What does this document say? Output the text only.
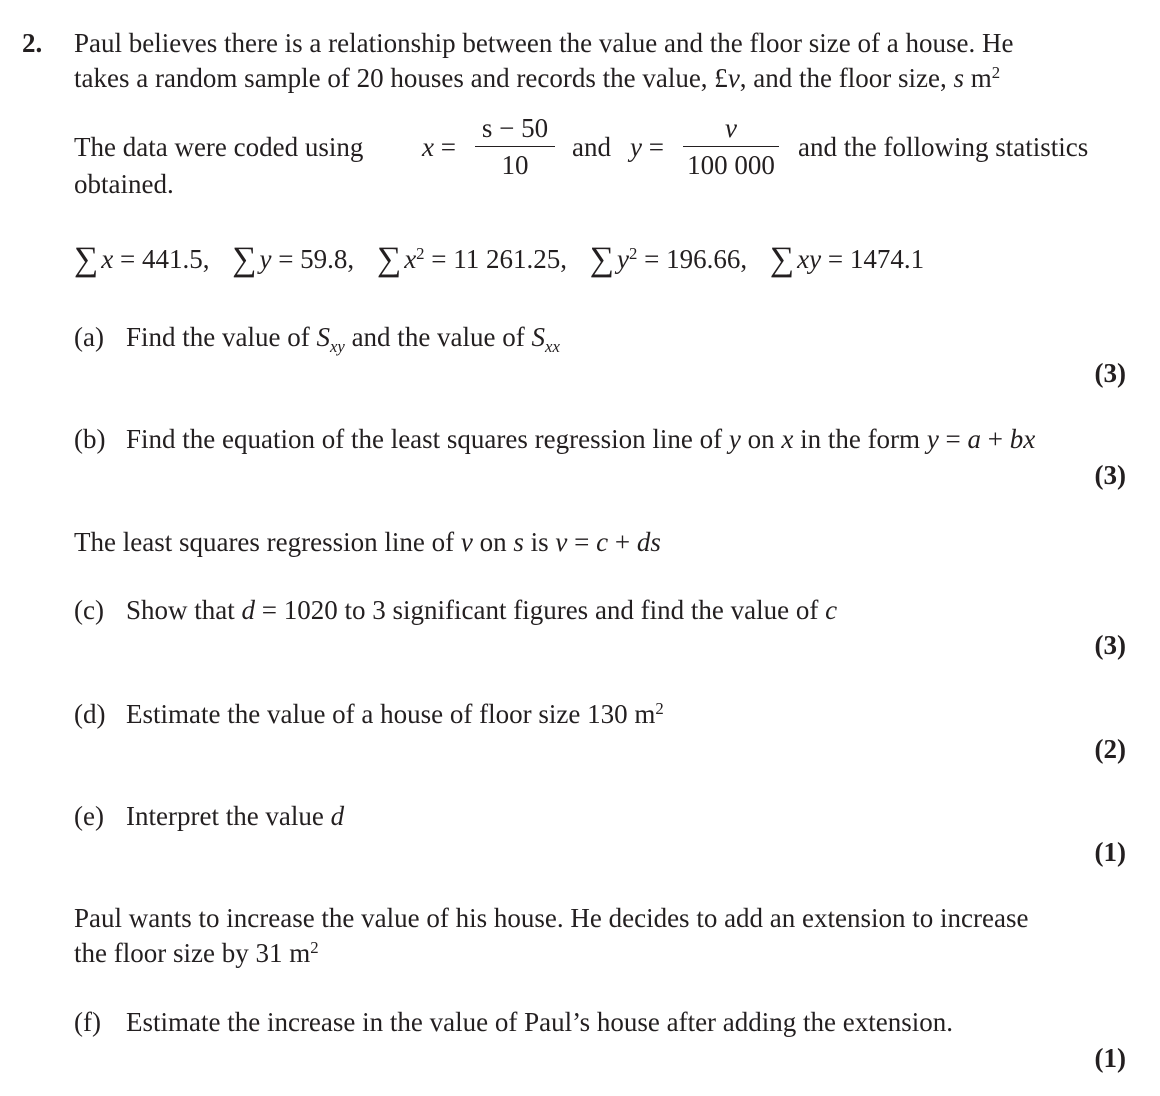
2. Paul believes there is a relationship between the value and the floor size of a house. He
takes a random sample of 20 houses and records the value, £v, and the floor size, s $m^2$
The data were coded using x =
s − 50
10
and y =
v
100 000
and the following statistics
obtained.
∑ x = 441.5, ∑ y = 59.8, ∑ $x^2 = 11$ 261.25, ∑ $y^2 = 196.66$, ∑ xy = 1474.1
(a) Find the value of $S_{xy}$ and the value of $S_{xx}$
(3)
(b) Find the equation of the least squares regression line of y on x in the form y = a + bx
(3)
The least squares regression line of v on s is v = c + ds
(c) Show that d = 1020 to 3 significant figures and find the value of c
(3)
(d) Estimate the value of a house of floor size 130 $m^2$
(2)
(e) Interpret the value d
(1)
Paul wants to increase the value of his house. He decides to add an extension to increase
the floor size by 31 $m^2$
(f) Estimate the increase in the value of Paul’s house after adding the extension.
(1)
